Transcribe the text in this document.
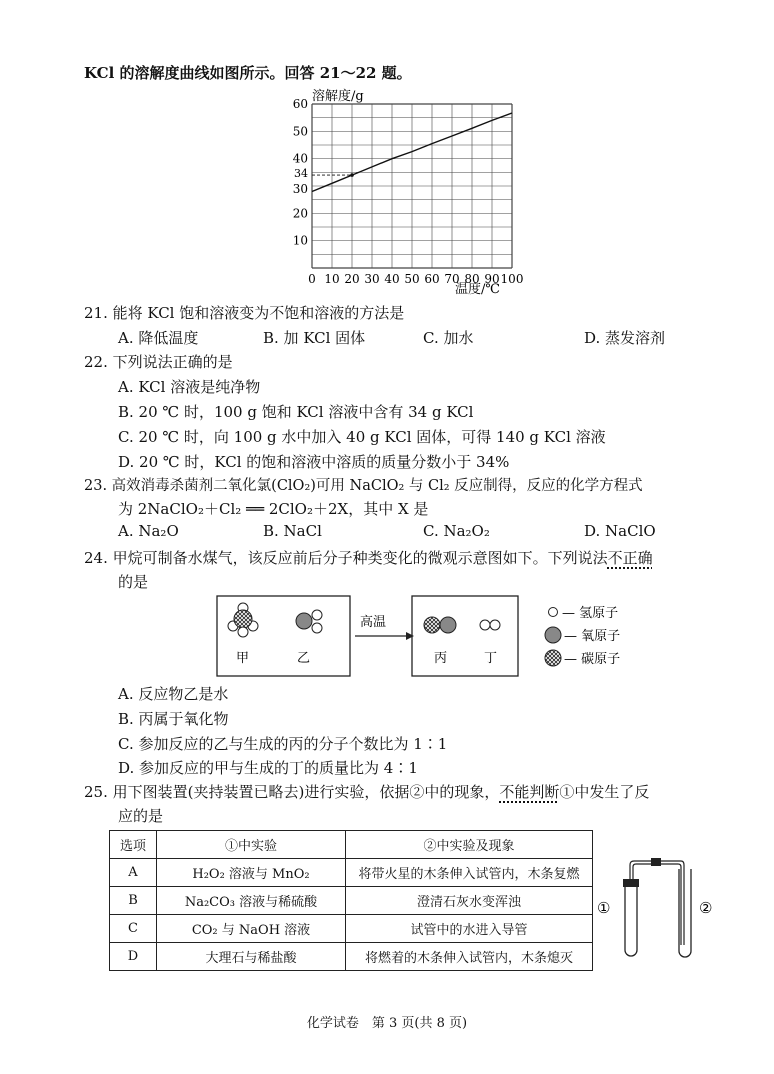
KCl 的溶解度曲线如图所示。回答 21～22 题。
10
20
30
40
50
60
34
0 10 20 30 40 50 60 70 80 90 100
溶解度/g
温度/℃
21. 能将 KCl 饱和溶液变为不饱和溶液的方法是
A. 降低温度	B. 加 KCl 固体	C. 加水	D. 蒸发溶剂
22. 下列说法正确的是
A. KCl 溶液是纯净物
B. 20 ℃ 时，100 g 饱和 KCl 溶液中含有 34 g KCl
C. 20 ℃ 时，向 100 g 水中加入 40 g KCl 固体，可得 140 g KCl 溶液
D. 20 ℃ 时，KCl 的饱和溶液中溶质的质量分数小于 34%
23. 高效消毒杀菌剂二氧化氯(ClO₂)可用 NaClO₂ 与 Cl₂ 反应制得，反应的化学方程式
为 2NaClO₂＋Cl₂ ══ 2ClO₂＋2X，其中 X 是
A. Na₂O	B. NaCl	C. Na₂O₂	D. NaClO
24. 甲烷可制备水煤气，该反应前后分子种类变化的微观示意图如下。下列说法不正确
的是
甲	乙
高温
丙	丁
— 氢原子
— 氧原子
— 碳原子
A. 反应物乙是水
B. 丙属于氧化物
C. 参加反应的乙与生成的丙的分子个数比为 1∶1
D. 参加反应的甲与生成的丁的质量比为 4∶1
25. 用下图装置(夹持装置已略去)进行实验，依据②中的现象，不能判断①中发生了反
应的是
选项	①中实验	②中实验及现象
A	H₂O₂ 溶液与 MnO₂	将带火星的木条伸入试管内，木条复燃
B	Na₂CO₃ 溶液与稀硫酸	澄清石灰水变浑浊
C	CO₂ 与 NaOH 溶液	试管中的水进入导管
D	大理石与稀盐酸	将燃着的木条伸入试管内，木条熄灭
①	②
化学试卷　第 3 页(共 8 页)
